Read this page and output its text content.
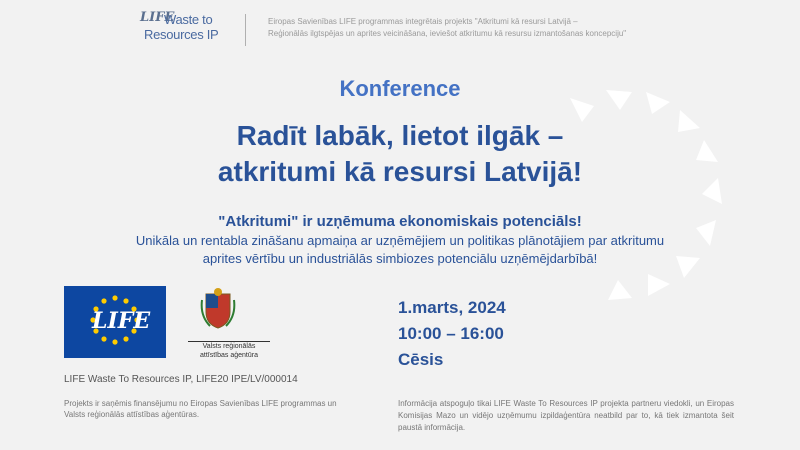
LIFE
Waste to
Resources IP
Eiropas Savienības LIFE programmas integrētais projekts "Atkritumi kā resursi Latvijā –
Reģionālās ilgtspējas un aprites veicināšana, ieviešot atkritumu kā resursu izmantošanas koncepciju"
Konference
Radīt labāk, lietot ilgāk –
atkritumi kā resursi Latvijā!
"Atkritumi" ir uzņēmuma ekonomiskais potenciāls!
Unikāla un rentabla zināšanu apmaiņa ar uzņēmējiem un politikas plānotājiem par atkritumu aprites vērtību un industriālās simbiozes potenciālu uzņēmējdarbībā!
LIFE
Valsts reģionālās
attīstības aģentūra
LIFE Waste To Resources IP, LIFE20 IPE/LV/000014
Projekts ir saņēmis finansējumu no Eiropas Savienības LIFE programmas un Valsts reģionālās attīstības aģentūras.
1.marts, 2024
10:00 – 16:00
Cēsis
Informācija atspoguļo tikai LIFE Waste To Resources IP projekta partneru viedokli, un Eiropas Komisijas Mazo un vidējo uzņēmumu izpildaģentūra neatbild par to, kā tiek izmantota šeit paustā informācija.
